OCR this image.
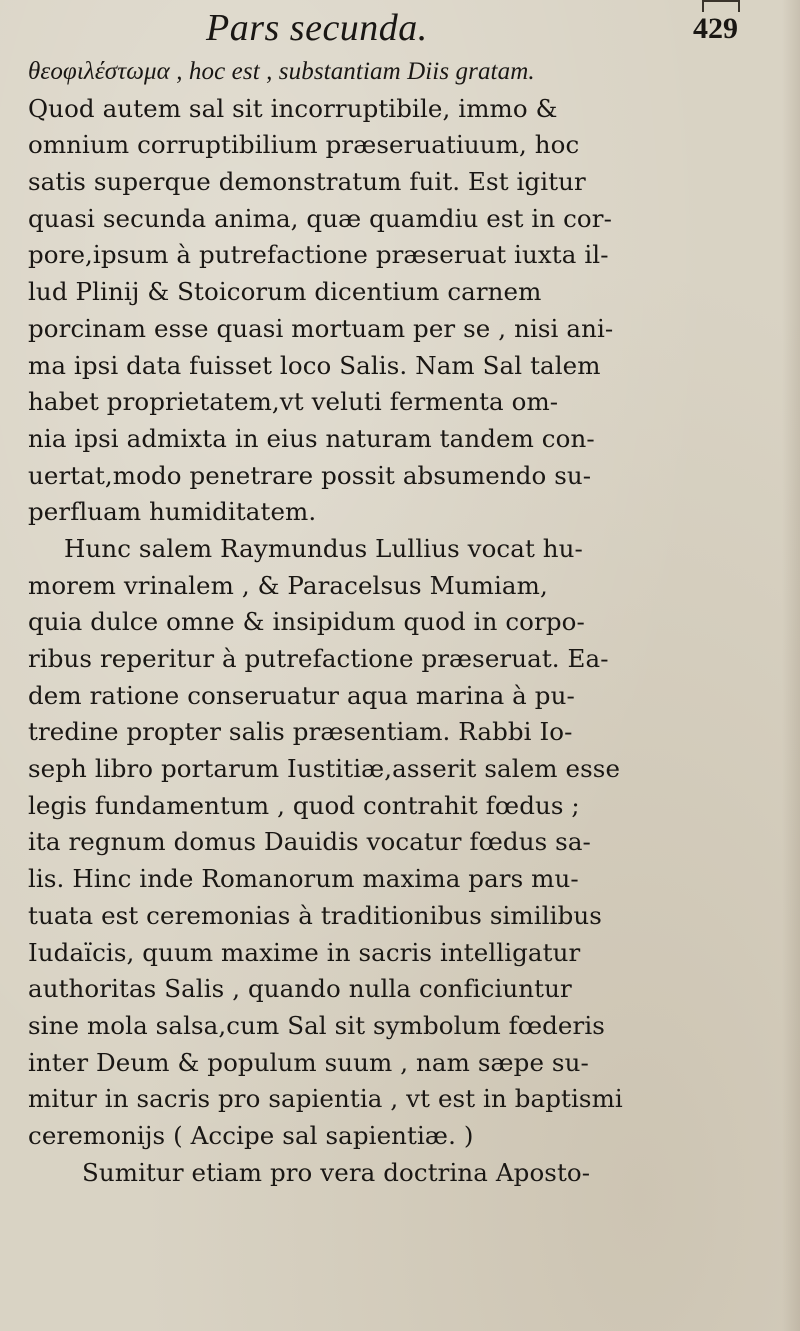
Pars secunda.	429
θεοφιλέστωμα , hoc est , substantiam Diis gratam.
Quod autem sal sit incorruptibile, immo &
omnium corruptibilium præseruatiuum, hoc
satis superque demonstratum fuit. Est igitur
quasi secunda anima, quæ quamdiu est in cor-
pore,ipsum à putrefactione præseruat iuxta il-
lud Plinij & Stoicorum dicentium carnem
porcinam esse quasi mortuam per se , nisi ani-
ma ipsi data fuisset loco Salis. Nam Sal talem
habet proprietatem,vt veluti fermenta om-
nia ipsi admixta in eius naturam tandem con-
uertat,modo penetrare possit absumendo su-
perfluam humiditatem.
Hunc salem Raymundus Lullius vocat hu-
morem vrinalem , & Paracelsus Mumiam,
quia dulce omne & insipidum quod in corpo-
ribus reperitur à putrefactione præseruat. Ea-
dem ratione conseruatur aqua marina à pu-
tredine propter salis præsentiam. Rabbi Io-
seph libro portarum Iustitiæ,asserit salem esse
legis fundamentum , quod contrahit fœdus ;
ita regnum domus Dauidis vocatur fœdus sa-
lis. Hinc inde Romanorum maxima pars mu-
tuata est ceremonias à traditionibus similibus
Iudaïcis, quum maxime in sacris intelligatur
authoritas Salis , quando nulla conficiuntur
sine mola salsa,cum Sal sit symbolum fœderis
inter Deum & populum suum , nam sæpe su-
mitur in sacris pro sapientia , vt est in baptismi
ceremonijs ( Accipe sal sapientiæ. )
Sumitur etiam pro vera doctrina Aposto-
